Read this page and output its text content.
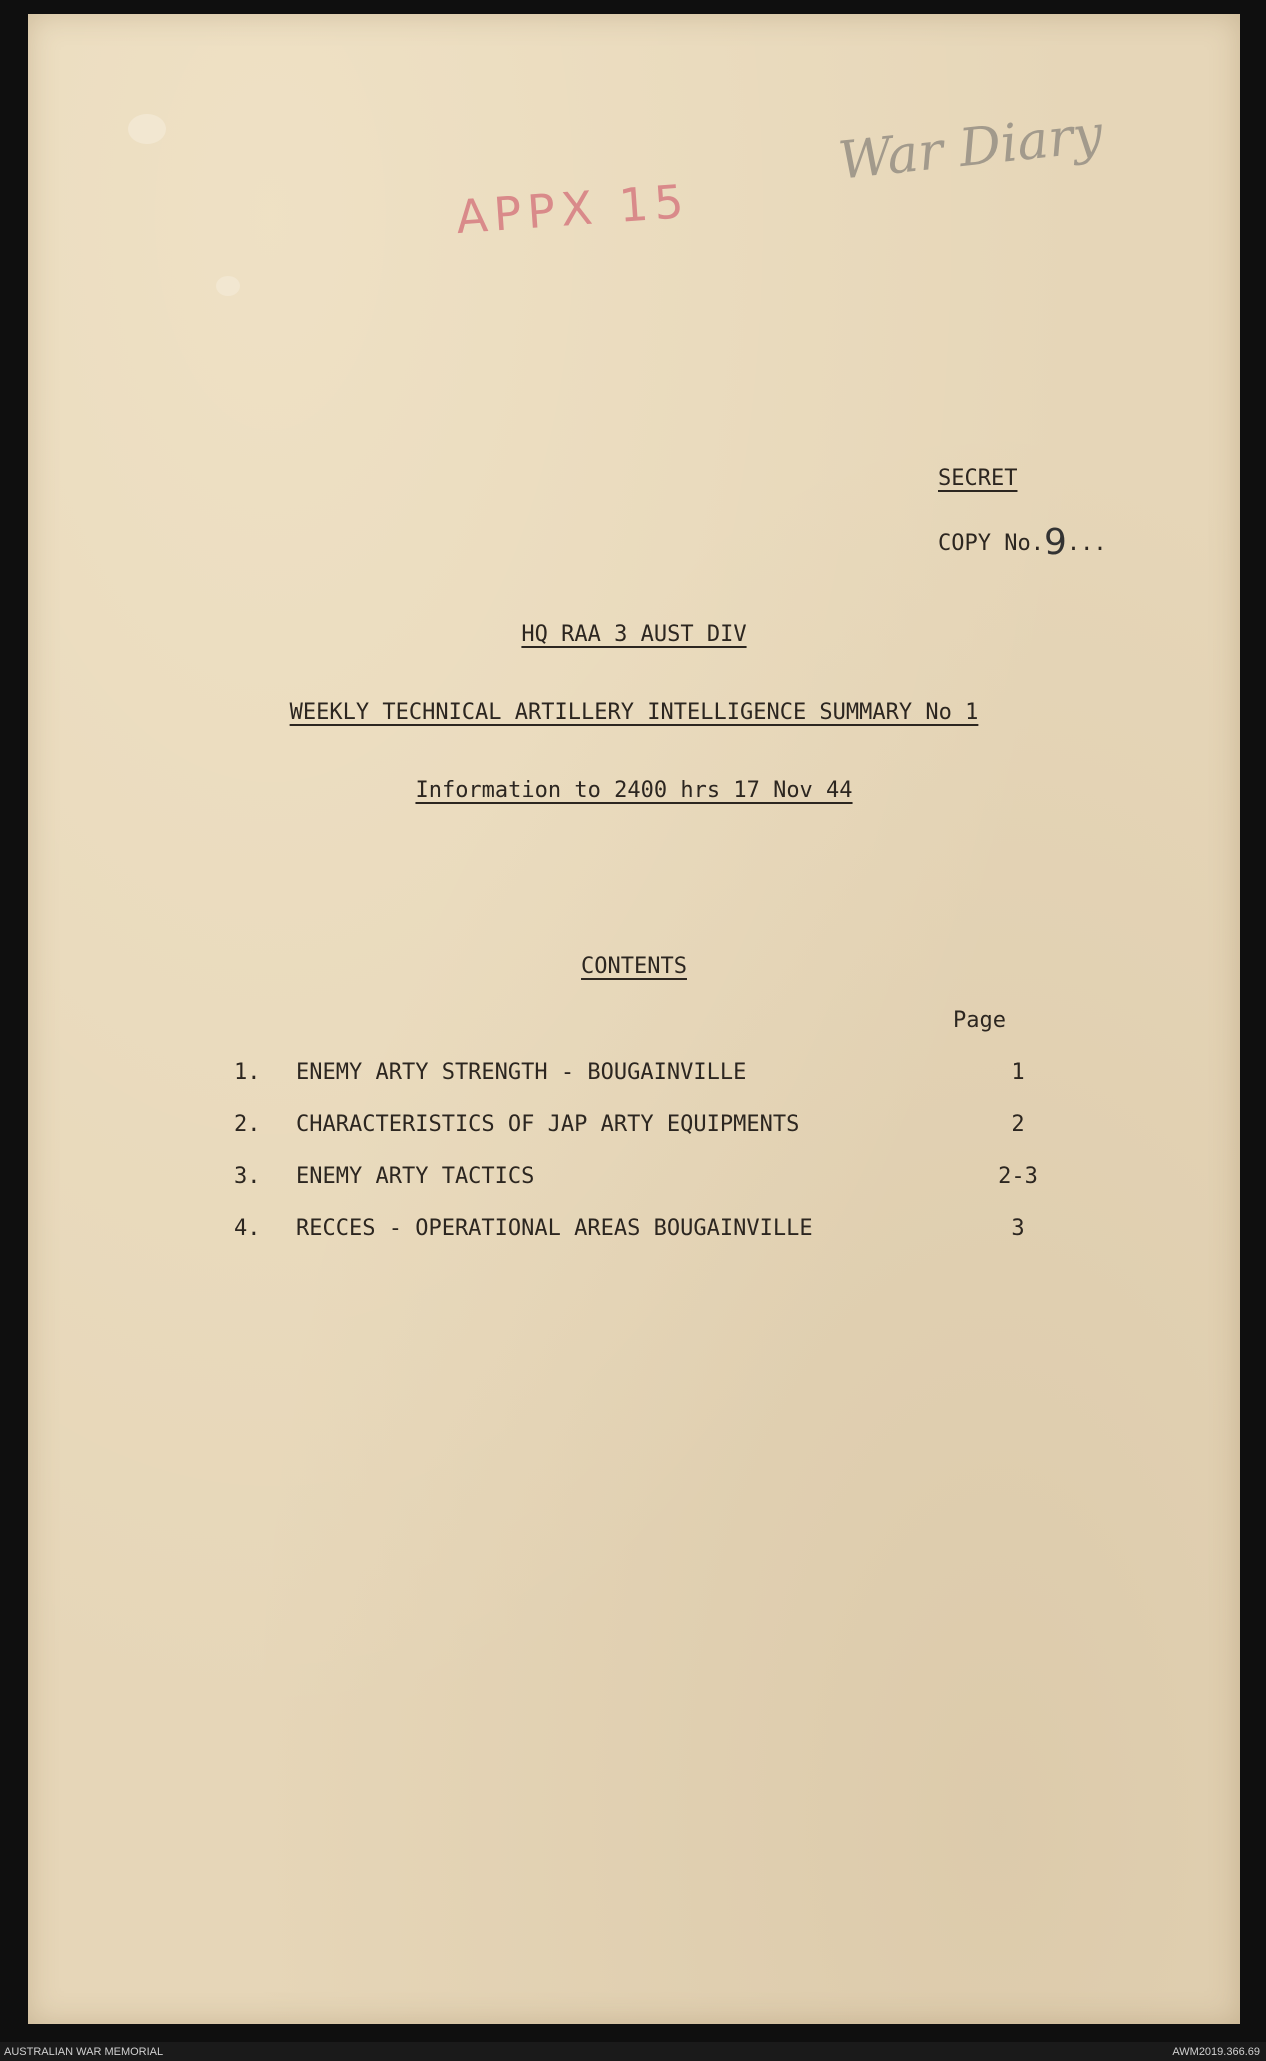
APPX 15
War Diary
SECRET
COPY No.9...
HQ RAA 3 AUST DIV
WEEKLY TECHNICAL ARTILLERY INTELLIGENCE SUMMARY No 1
Information to 2400 hrs 17 Nov 44
CONTENTS
Page

1.

ENEMY ARTY STRENGTH - BOUGAINVILLE

	1

2.

CHARACTERISTICS OF JAP ARTY EQUIPMENTS

	2

3.

ENEMY ARTY TACTICS

	2-3

4.

RECCES - OPERATIONAL AREAS BOUGAINVILLE

	3

AUSTRALIAN WAR MEMORIAL	AWM2019.366.69
